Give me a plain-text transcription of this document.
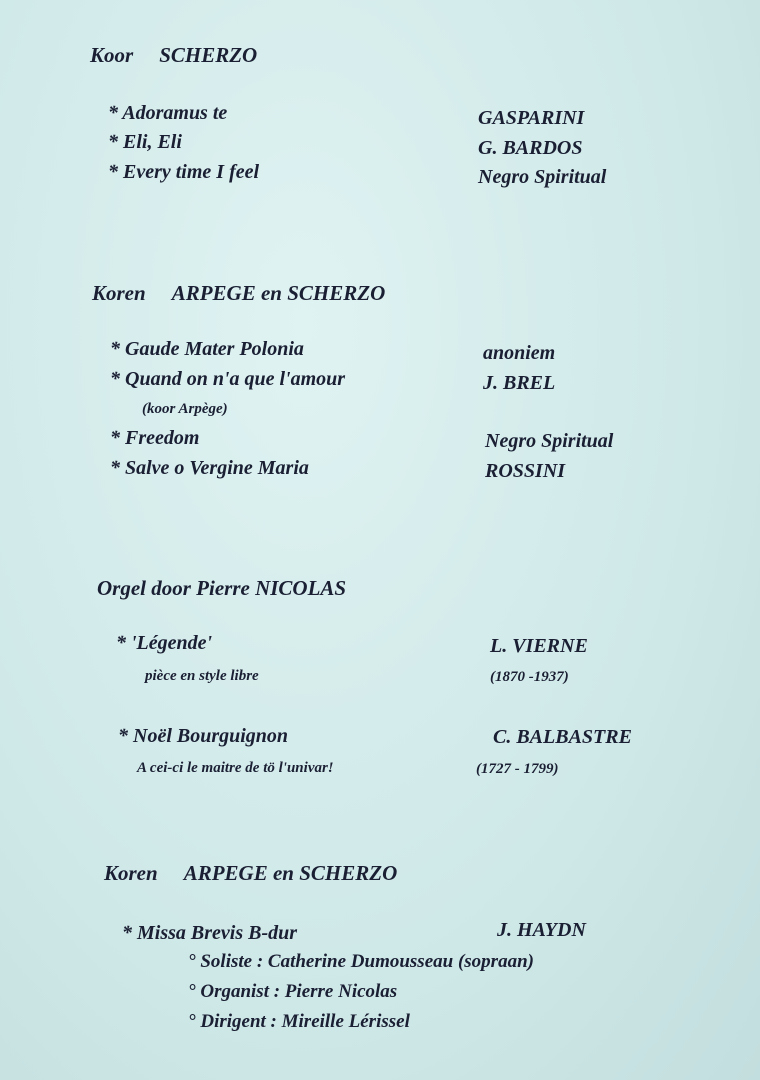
Koor SCHERZO
* Adoramus te	GASPARINI
* Eli, Eli	G. BARDOS
* Every time I feel	Negro Spiritual
Koren ARPEGE en SCHERZO
* Gaude Mater Polonia	anoniem
* Quand on n'a que l'amour	J. BREL
(koor Arpège)
* Freedom	Negro Spiritual
* Salve o Vergine Maria	ROSSINI
Orgel door Pierre NICOLAS
* 'Légende'	L. VIERNE
pièce en style libre	(1870 -1937)
* Noël Bourguignon	C. BALBASTRE
A cei-ci le maitre de tö l'univar!	(1727 - 1799)
Koren ARPEGE en SCHERZO
* Missa Brevis B-dur	J. HAYDN
° Soliste : Catherine Dumousseau (sopraan)
° Organist : Pierre Nicolas
° Dirigent : Mireille Lérissel
